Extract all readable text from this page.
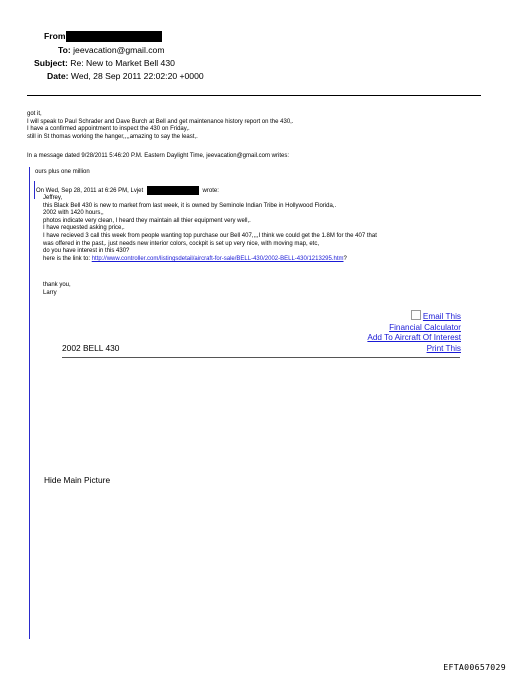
From
To: jeevacation@gmail.com
Subject: Re: New to Market Bell 430
Date: Wed, 28 Sep 2011 22:02:20 +0000
got it,
I will speak to Paul Schrader and Dave Burch at Bell and get maintenance history report on the 430,.
I have a confirmed appointment to inspect the 430 on Friday,.
still in St thomas working the hanger,,,,amazing to say the least,.
In a message dated 9/28/2011 5:46:20 P.M. Eastern Daylight Time, jeevacation@gmail.com writes:
ours plus one million
On Wed, Sep 28, 2011 at 6:26 PM, Lvjet	wrote:
Jeffrey,
this Black Bell 430 is new to market from last week, it is owned by Seminole Indian Tribe in Hollywood Florida,.
2002 with 1420 hours,,
photos indicate very clean, I heard they maintain all thier equipment very well,.
I have requested asking price,.
I have recieved 3 call this week from people wanting top purchase our Bell 407,,,,I think we could get the 1.8M for the 407 that
was offered in the past,. just needs new interior colors, cockpit is set up very nice, with moving map, etc,
do you have interest in this 430?
here is the link to: http://www.controller.com/listingsdetail/aircraft-for-sale/BELL-430/2002-BELL-430/1213295.htm?
thank you,
Larry
Email This
Financial Calculator
Add To Aircraft Of Interest
Print This
2002 BELL 430
Hide Main Picture
EFTA00657029
